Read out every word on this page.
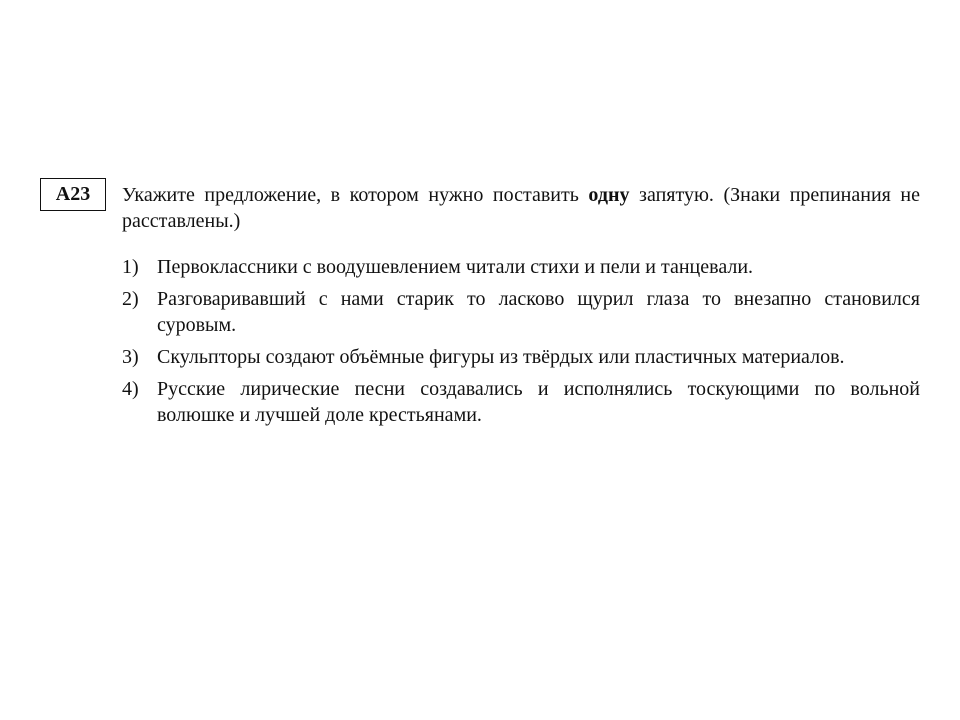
A23	Укажите предложение, в котором нужно поставить одну запятую. (Знаки препинания не расставлены.)

1) Первоклассники с воодушевлением читали стихи и пели и танцевали.
2) Разговаривавший с нами старик то ласково щурил глаза то внезапно становился суровым.
3) Скульпторы создают объёмные фигуры из твёрдых или пластичных материалов.
4) Русские лирические песни создавались и исполнялись тоскующими по вольной волюшке и лучшей доле крестьянами.
